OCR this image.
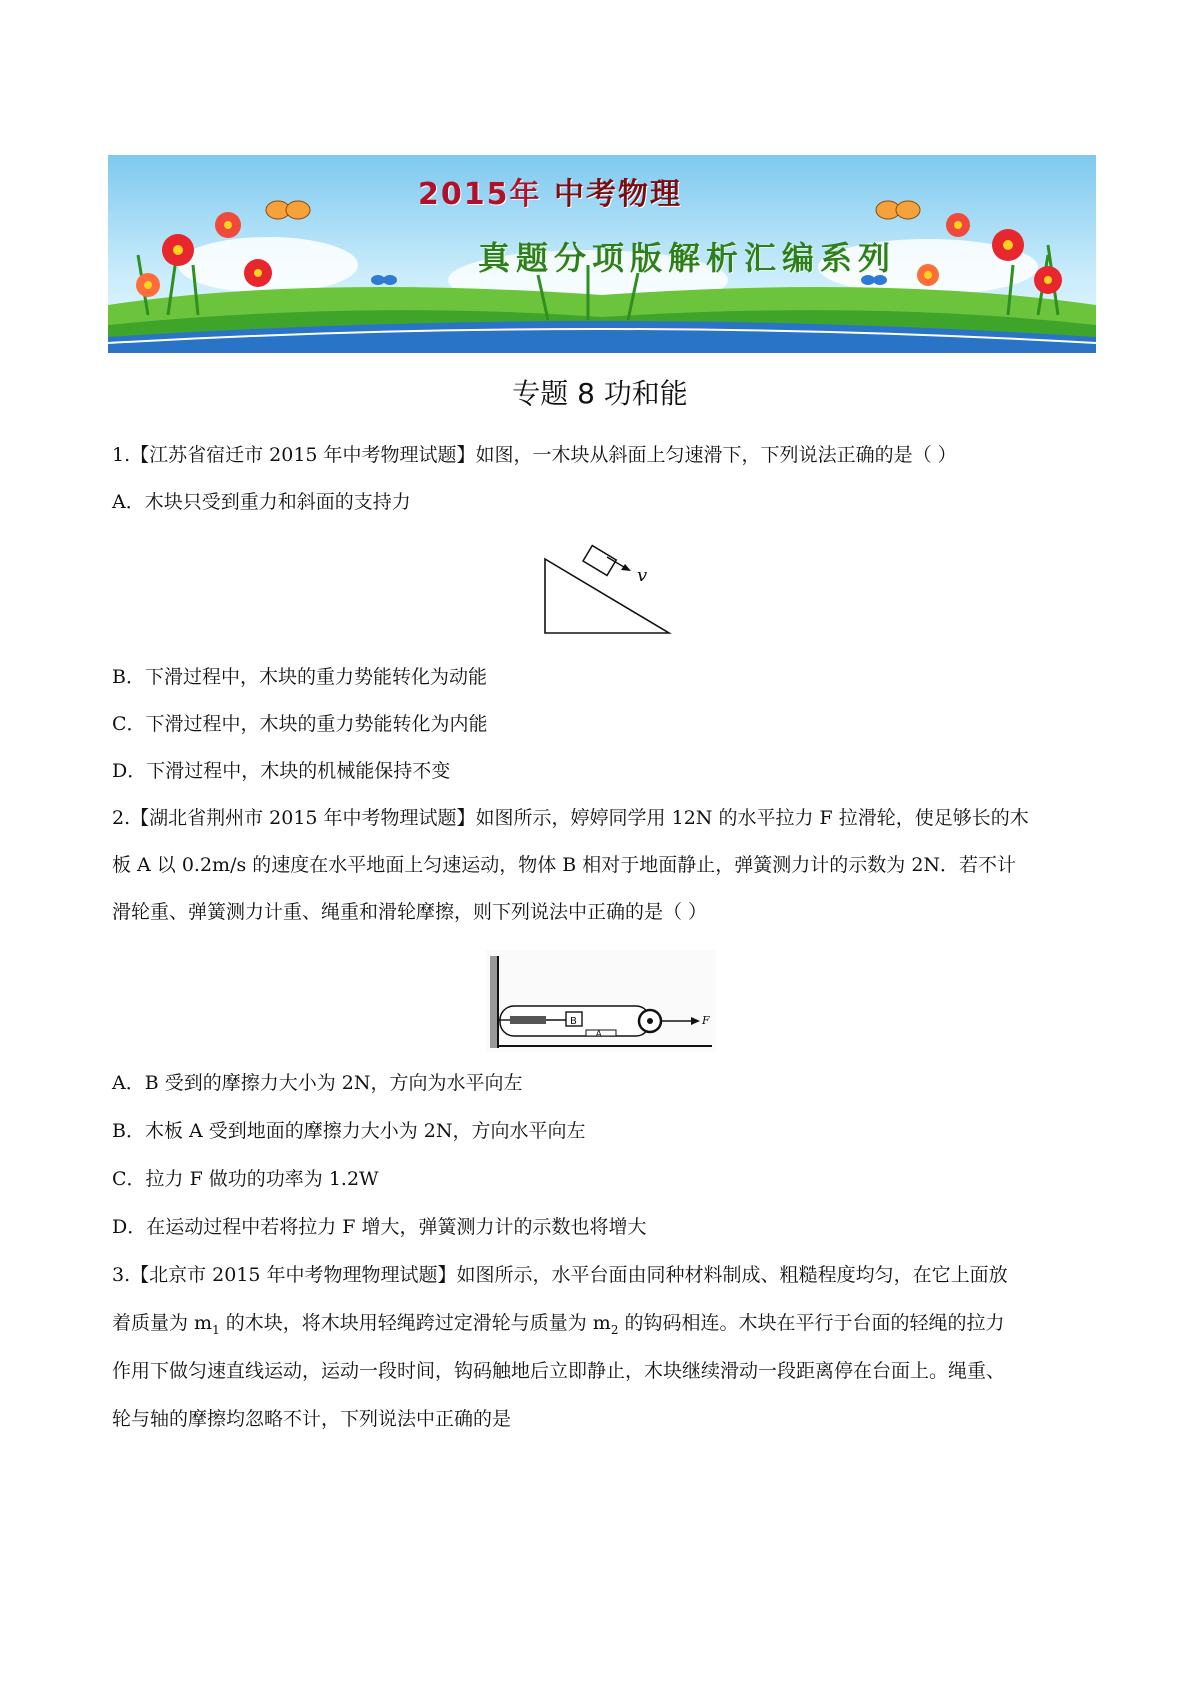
2015年 中考物理
真题分项版解析汇编系列
专题 8 功和能
1.【江苏省宿迁市 2015 年中考物理试题】如图，一木块从斜面上匀速滑下，下列说法正确的是（ ）
A．木块只受到重力和斜面的支持力
v
B．下滑过程中，木块的重力势能转化为动能
C．下滑过程中，木块的重力势能转化为内能
D．下滑过程中，木块的机械能保持不变
2.【湖北省荆州市 2015 年中考物理试题】如图所示，婷婷同学用 12N 的水平拉力 F 拉滑轮，使足够长的木
板 A 以 0.2m/s 的速度在水平地面上匀速运动，物体 B 相对于地面静止，弹簧测力计的示数为 2N．若不计
滑轮重、弹簧测力计重、绳重和滑轮摩擦，则下列说法中正确的是（ ）
B
A
F
A．B 受到的摩擦力大小为 2N，方向为水平向左
B．木板 A 受到地面的摩擦力大小为 2N，方向水平向左
C．拉力 F 做功的功率为 1.2W
D．在运动过程中若将拉力 F 增大，弹簧测力计的示数也将增大
3.【北京市 2015 年中考物理物理试题】如图所示，水平台面由同种材料制成、粗糙程度均匀，在它上面放
着质量为 $m_1$ 的木块，将木块用轻绳跨过定滑轮与质量为 $m_2$ 的钩码相连。木块在平行于台面的轻绳的拉力
作用下做匀速直线运动，运动一段时间，钩码触地后立即静止，木块继续滑动一段距离停在台面上。绳重、
轮与轴的摩擦均忽略不计，下列说法中正确的是
